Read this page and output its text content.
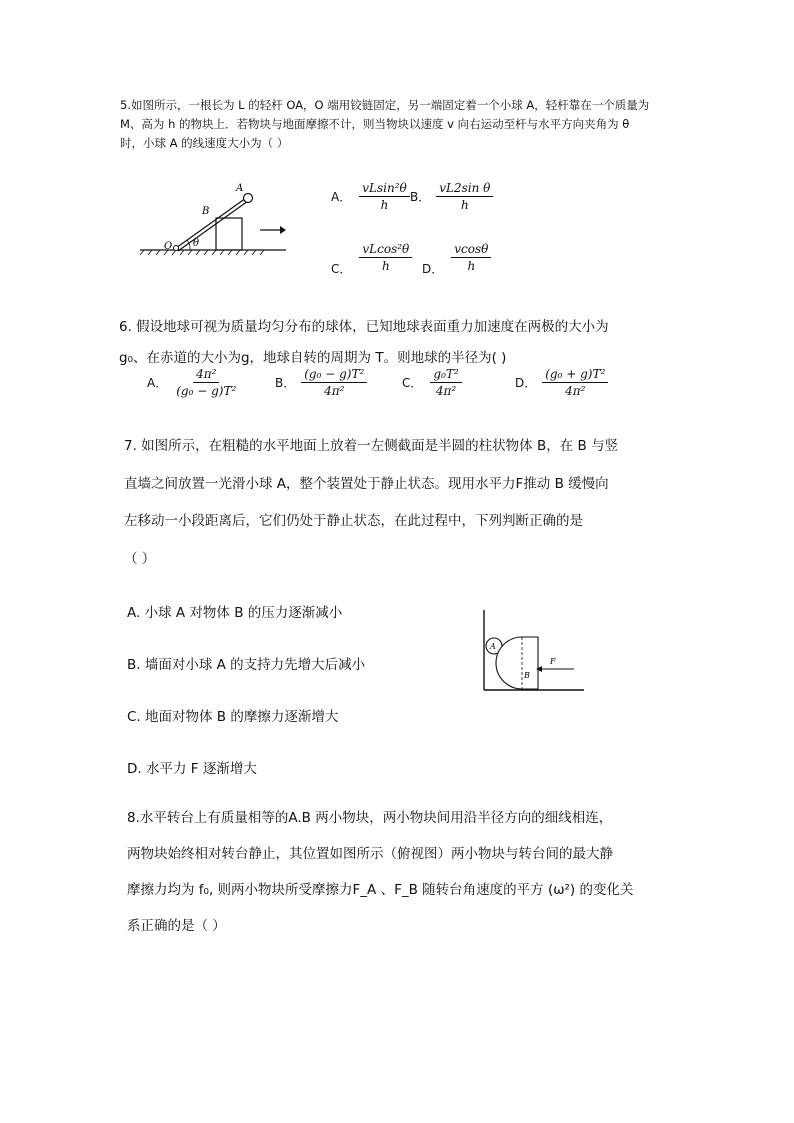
5.如图所示，一根长为 L 的轻杆 OA，O 端用铰链固定，另一端固定着一个小球 A，轻杆靠在一个质量为
M、高为 h 的物块上．若物块与地面摩擦不计，则当物块以速度 v 向右运动至杆与水平方向夹角为 θ
时，小球 A 的线速度大小为（ ）
A
B
O θ
A． $\frac{\text{vLsin²θ}}{h}$ B． $\frac{\text{vL2sin θ}}{h}$
C． $\frac{\text{vLcos²θ}}{h}$ D． $\frac{vcos\theta}{h}$
6. 假设地球可视为质量均匀分布的球体，已知地球表面重力加速度在两极的大小为
g₀、在赤道的大小为g，地球自转的周期为 T。则地球的半径为( )
A． $\frac{\text{4π²}}{\text{(g₀ − g)T²}}$	B． $\frac{\text{(g₀ − g)T²}}{\text{4π²}}$	C． $\frac{\text{g₀T²}}{\text{4π²}}$	D． $\frac{\text{(g₀ + g)T²}}{\text{4π²}}$
7. 如图所示，在粗糙的水平地面上放着一左侧截面是半圆的柱状物体 B，在 B 与竖
直墙之间放置一光滑小球 A，整个装置处于静止状态。现用水平力F推动 B 缓慢向
左移动一小段距离后，它们仍处于静止状态，在此过程中，下列判断正确的是
（ ）
A. 小球 A 对物体 B 的压力逐渐减小
B. 墙面对小球 A 的支持力先增大后减小
C. 地面对物体 B 的摩擦力逐渐增大
D. 水平力 F 逐渐增大
A
B
F
8.水平转台上有质量相等的A.B 两小物块，两小物块间用沿半径方向的细线相连，
两物块始终相对转台静止，其位置如图所示（俯视图）两小物块与转台间的最大静
摩擦力均为 f₀, 则两小物块所受摩擦力F_A 、F_B 随转台角速度的平方 (ω²) 的变化关
系正确的是（ ）
